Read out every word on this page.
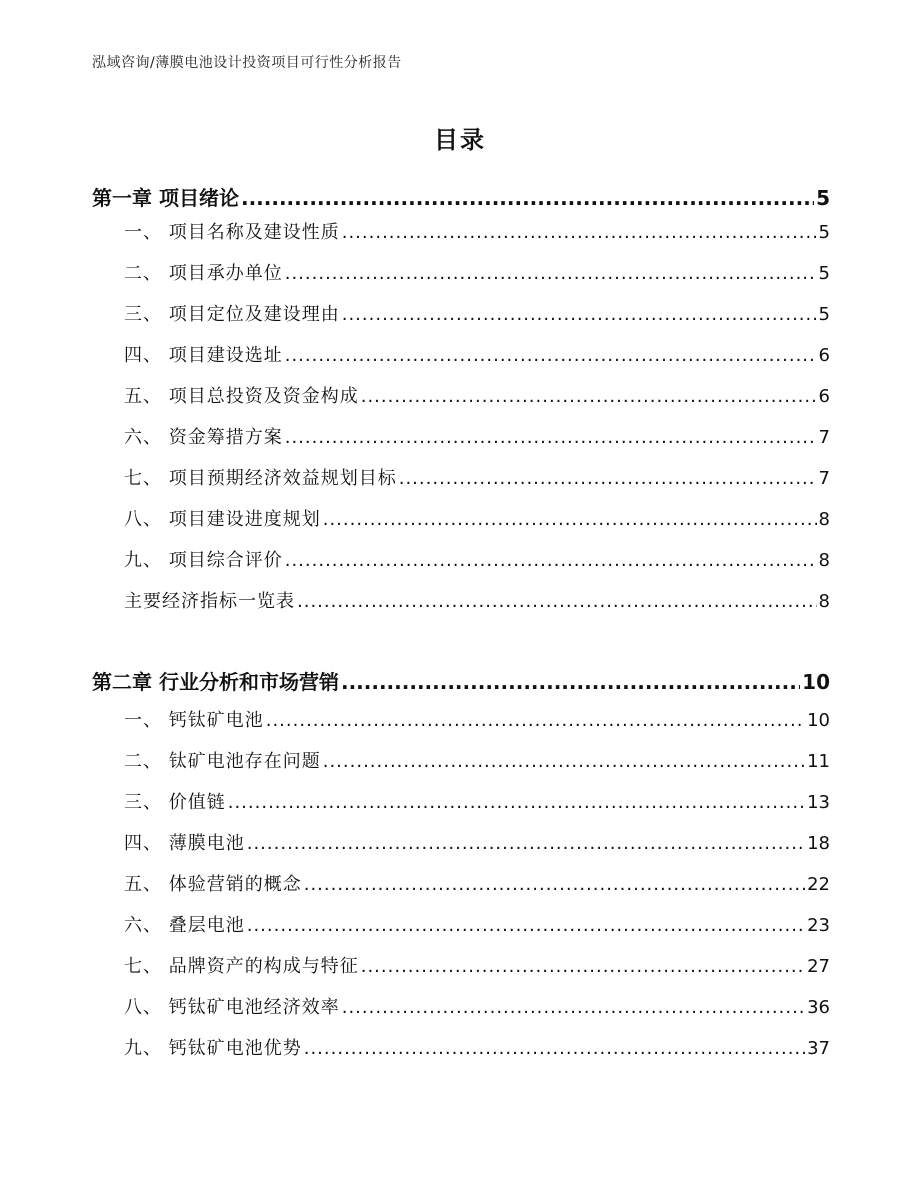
泓域咨询/薄膜电池设计投资项目可行性分析报告
目录
第一章 项目绪论 .....	5
一、 项目名称及建设性质 .....	5
二、 项目承办单位 .....	5
三、 项目定位及建设理由 .....	5
四、 项目建设选址 .....	6
五、 项目总投资及资金构成 .....	6
六、 资金筹措方案 .....	7
七、 项目预期经济效益规划目标 .....	7
八、 项目建设进度规划 .....	8
九、 项目综合评价 .....	8
主要经济指标一览表 .....	8
第二章 行业分析和市场营销 .....	10
一、 钙钛矿电池 .....	10
二、 钛矿电池存在问题 .....	11
三、 价值链 .....	13
四、 薄膜电池 .....	18
五、 体验营销的概念 .....	22
六、 叠层电池 .....	23
七、 品牌资产的构成与特征 .....	27
八、 钙钛矿电池经济效率 .....	36
九、 钙钛矿电池优势 .....	37
